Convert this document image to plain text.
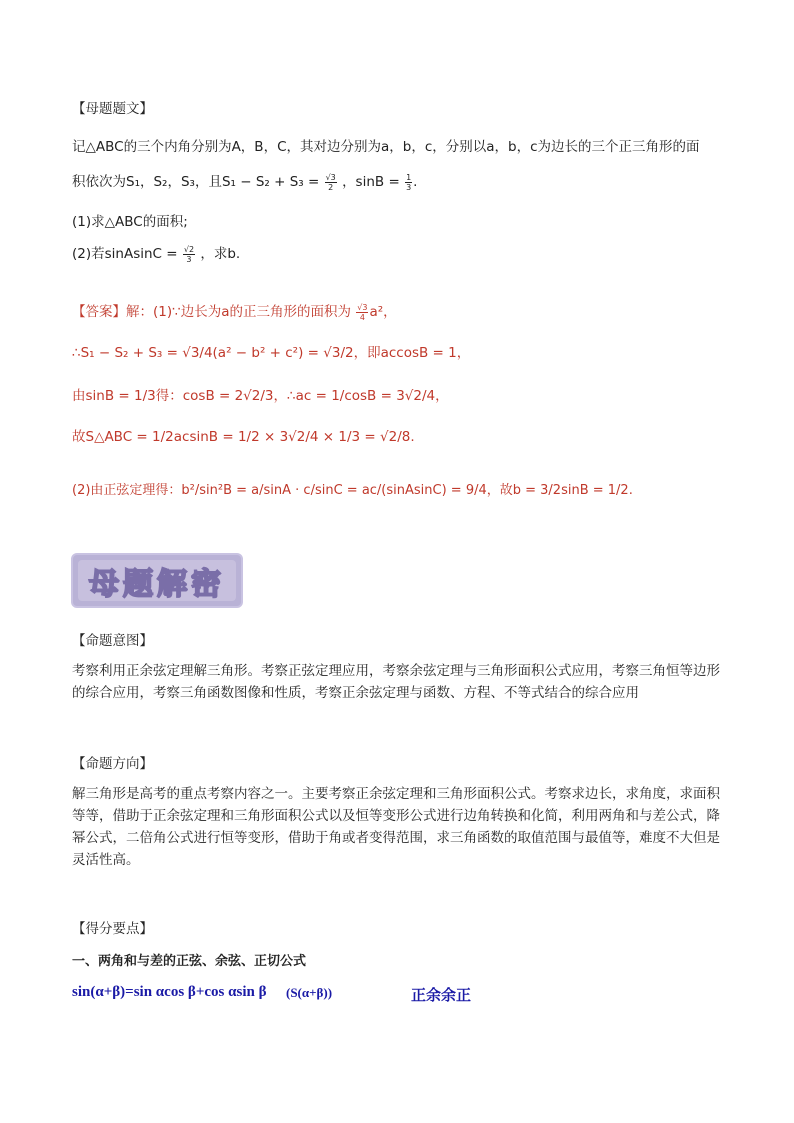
【母题题文】
记△ABC的三个内角分别为A，B，C，其对边分别为a，b，c，分别以a，b，c为边长的三个正三角形的面
积依次为S₁，S₂，S₃，且$S_1 - S_2 + S_3 = \frac{√3}{2}$ ，$\sin B = \frac{1}{3}$ .
(1)求△ABC的面积;
(2)若sinAsinC = $\frac{√2}{3}$ ，求b.
【答案】解：(1)∵边长为a的正三角形的面积为 $\frac{√3}{4} a^2$，
∴S₁ − S₂ + S₃ = √3/4(a² − b² + c²) = √3/2，即accosB = 1，
由sinB = 1/3得：cosB = 2√2/3，∴ac = 1/cosB = 3√2/4，
故S△ABC = 1/2acsinB = 1/2 × 3√2/4 × 1/3 = √2/8.
(2)由正弦定理得：b²/sin²B = a/sinA · c/sinC = ac/(sinAsinC) = 9/4，故b = 3/2sinB = 1/2.
母题解密
【命题意图】
考察利用正余弦定理解三角形。考察正弦定理应用，考察余弦定理与三角形面积公式应用，考察三角恒等边形的综合应用，考察三角函数图像和性质，考察正余弦定理与函数、方程、不等式结合的综合应用
【命题方向】
解三角形是高考的重点考察内容之一。主要考察正余弦定理和三角形面积公式。考察求边长，求角度，求面积等等，借助于正余弦定理和三角形面积公式以及恒等变形公式进行边角转换和化简，利用两角和与差公式，降幂公式，二倍角公式进行恒等变形，借助于角或者变得范围，求三角函数的取值范围与最值等，难度不大但是灵活性高。
【得分要点】
一、两角和与差的正弦、余弦、正切公式
sin(α+β)=sin αcos β+cos αsin β (S(α+β))	正余余正
